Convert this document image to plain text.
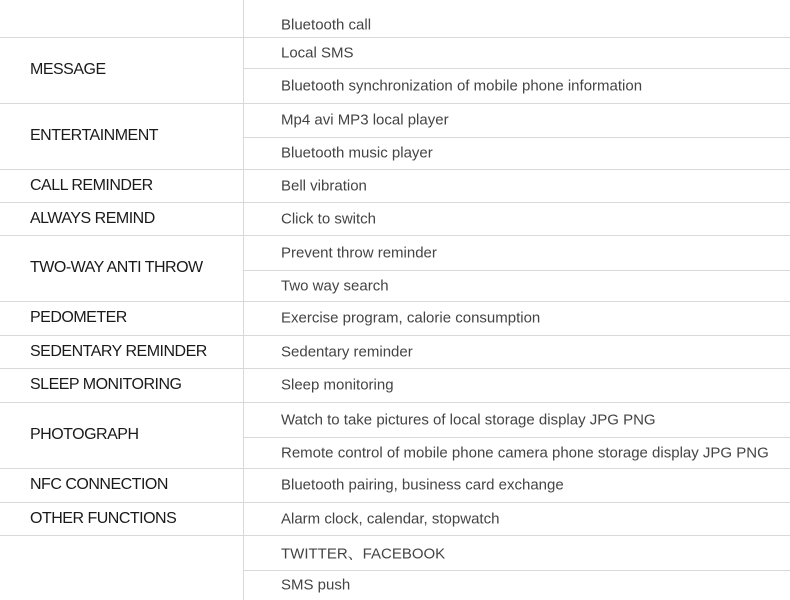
MESSAGE
ENTERTAINMENT
CALL REMINDER
ALWAYS REMIND
TWO-WAY ANTI THROW
PEDOMETER
SEDENTARY REMINDER
SLEEP MONITORING
PHOTOGRAPH
NFC CONNECTION
OTHER FUNCTIONS
Bluetooth call
Local SMS
Bluetooth synchronization of mobile phone information
Mp4 avi MP3 local player
Bluetooth music player
Bell vibration
Click to switch
Prevent throw reminder
Two way search
Exercise program, calorie consumption
Sedentary reminder
Sleep monitoring
Watch to take pictures of local storage display JPG PNG
Remote control of mobile phone camera phone storage display JPG PNG
Bluetooth pairing, business card exchange
Alarm clock, calendar, stopwatch
TWITTER、FACEBOOK
SMS push
